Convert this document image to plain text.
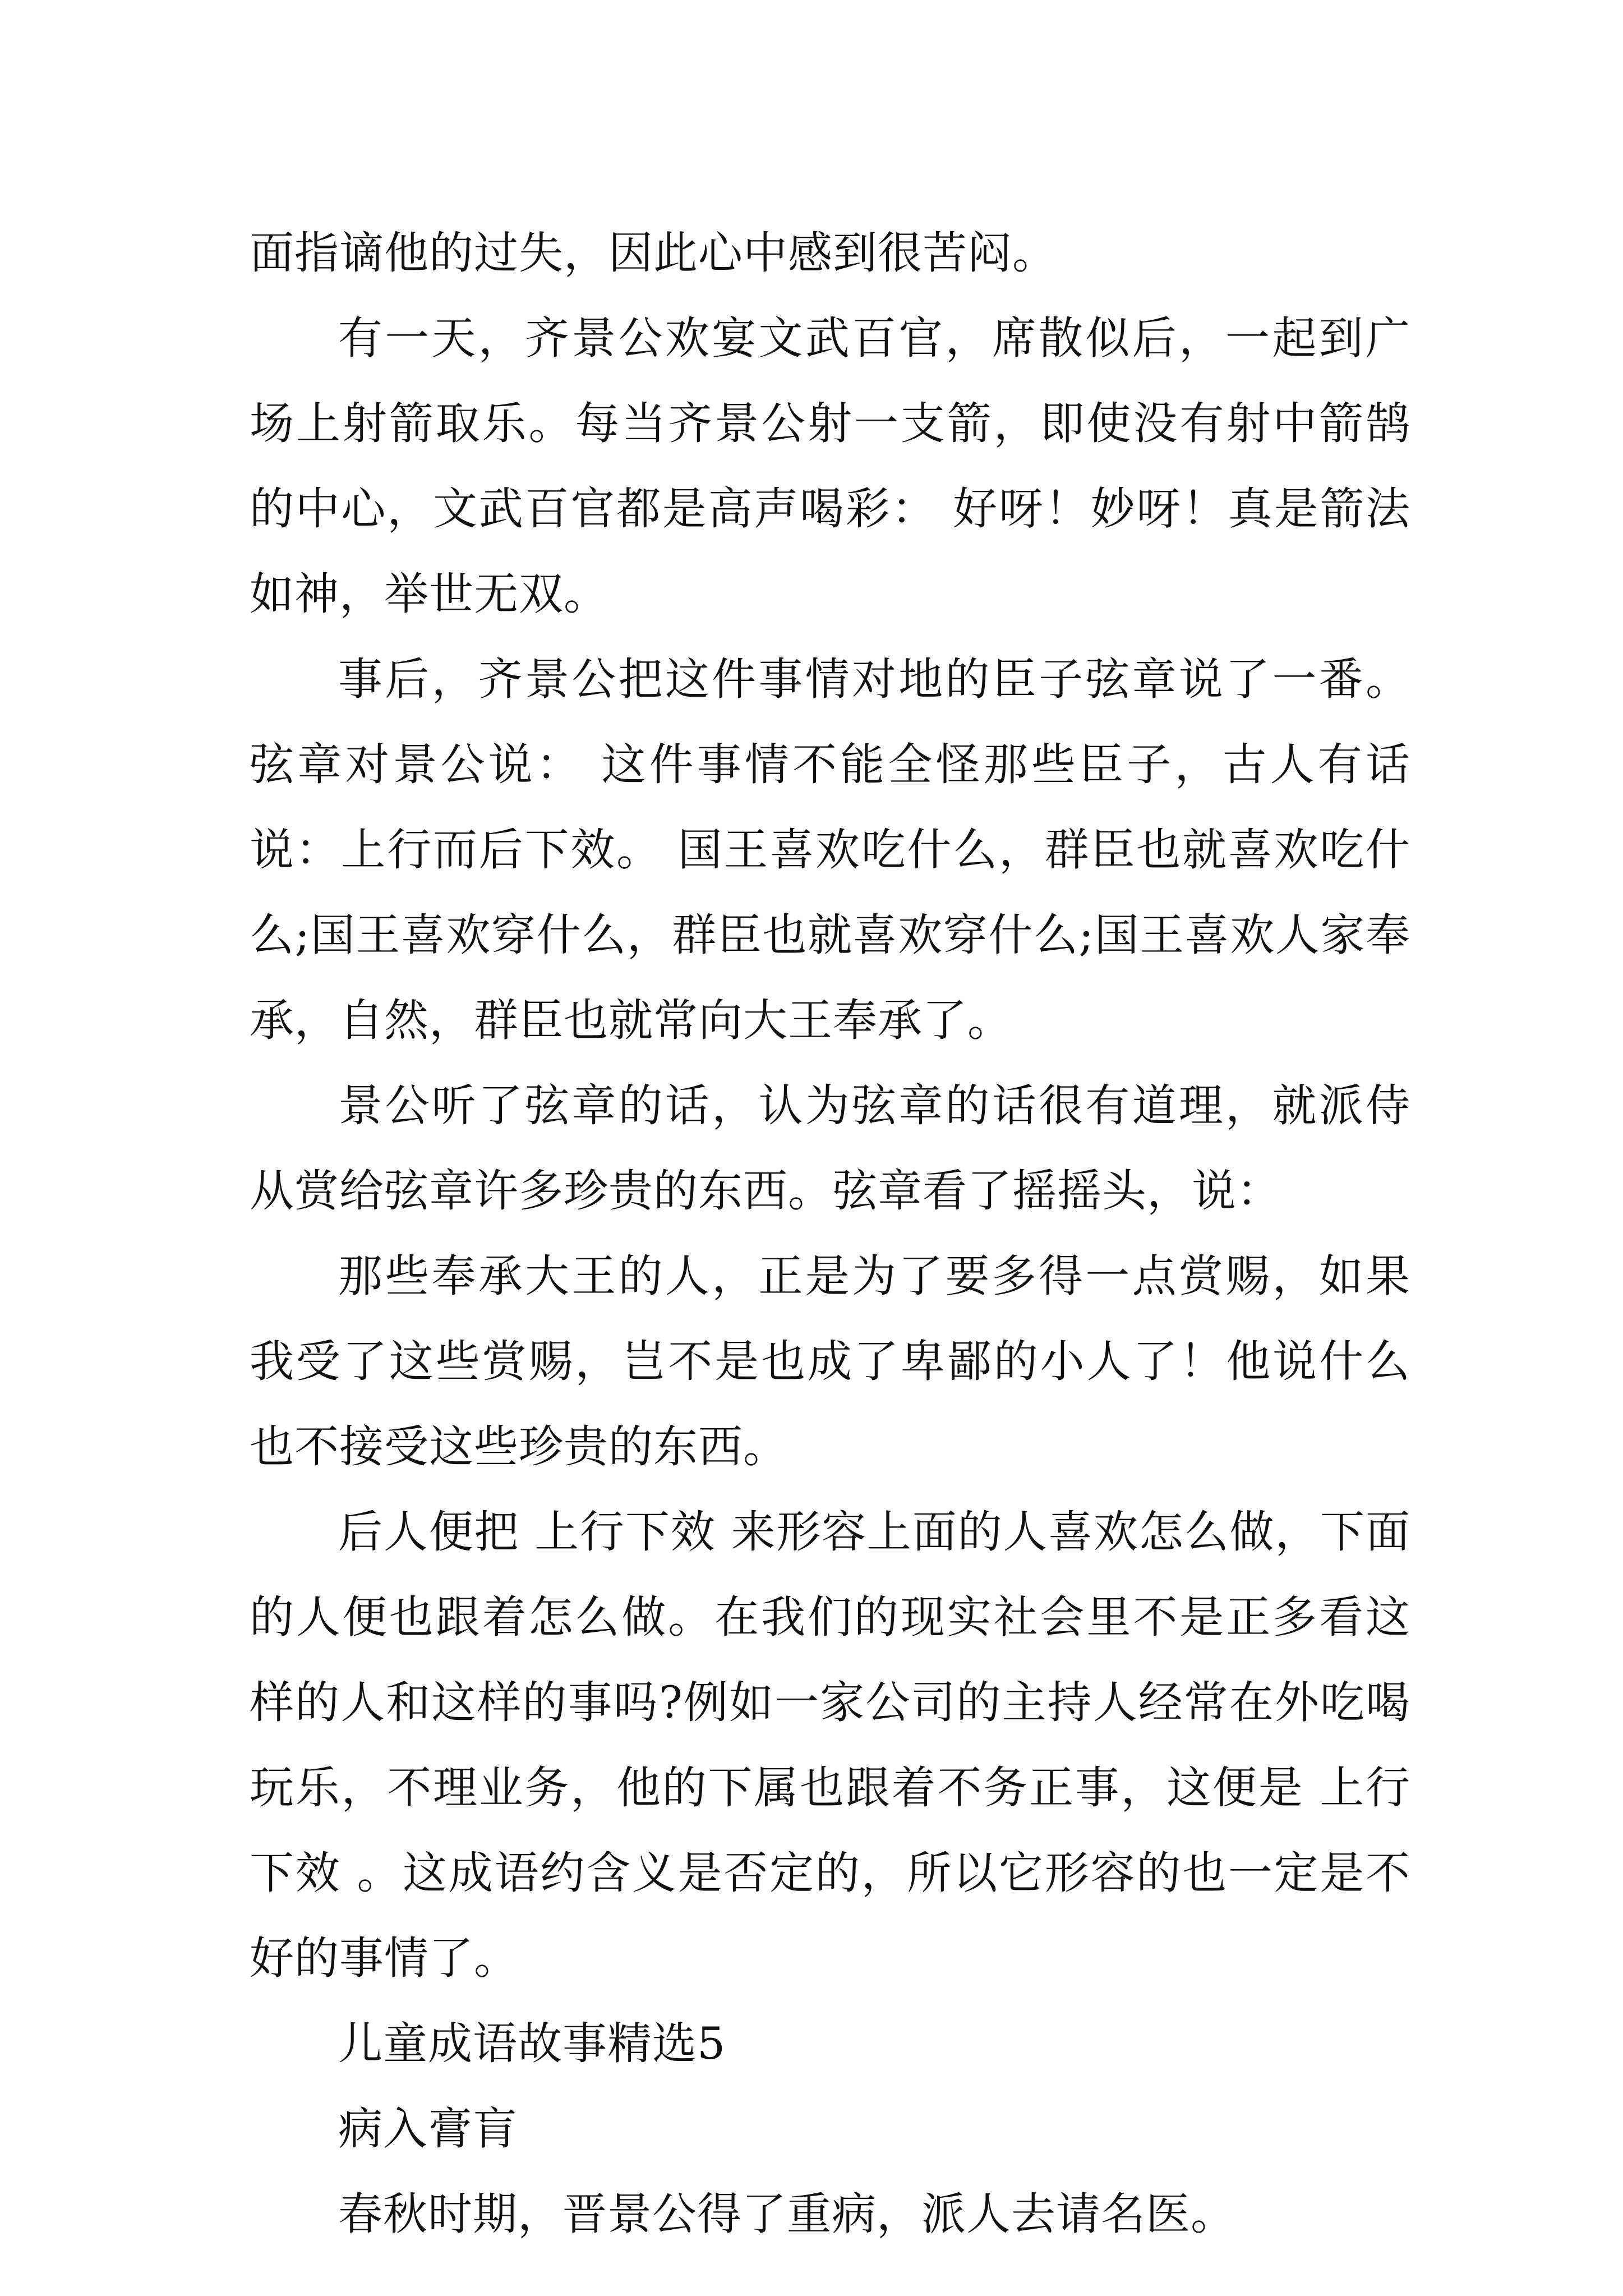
面指谪他的过失，因此心中感到很苦闷。

有一天，齐景公欢宴文武百官，席散似后，一起到广场上射箭取乐。每当齐景公射一支箭，即使没有射中箭鹄的中心，文武百官都是高声喝彩： 好呀！妙呀！真是箭法如神，举世无双。

事后，齐景公把这件事情对地的臣子弦章说了一番。弦章对景公说： 这件事情不能全怪那些臣子，古人有话说：上行而后下效。 国王喜欢吃什么，群臣也就喜欢吃什么;国王喜欢穿什么，群臣也就喜欢穿什么;国王喜欢人家奉承，自然，群臣也就常向大王奉承了。

景公听了弦章的话，认为弦章的话很有道理，就派侍从赏给弦章许多珍贵的东西。弦章看了摇摇头，说：

那些奉承大王的人，正是为了要多得一点赏赐，如果我受了这些赏赐，岂不是也成了卑鄙的小人了！他说什么也不接受这些珍贵的东西。

后人便把 上行下效 来形容上面的人喜欢怎么做，下面的人便也跟着怎么做。在我们的现实社会里不是正多看这样的人和这样的事吗?例如一家公司的主持人经常在外吃喝玩乐，不理业务，他的下属也跟着不务正事，这便是 上行下效 。这成语约含义是否定的，所以它形容的也一定是不好的事情了。

儿童成语故事精选5

病入膏肓

春秋时期，晋景公得了重病，派人去请名医。
